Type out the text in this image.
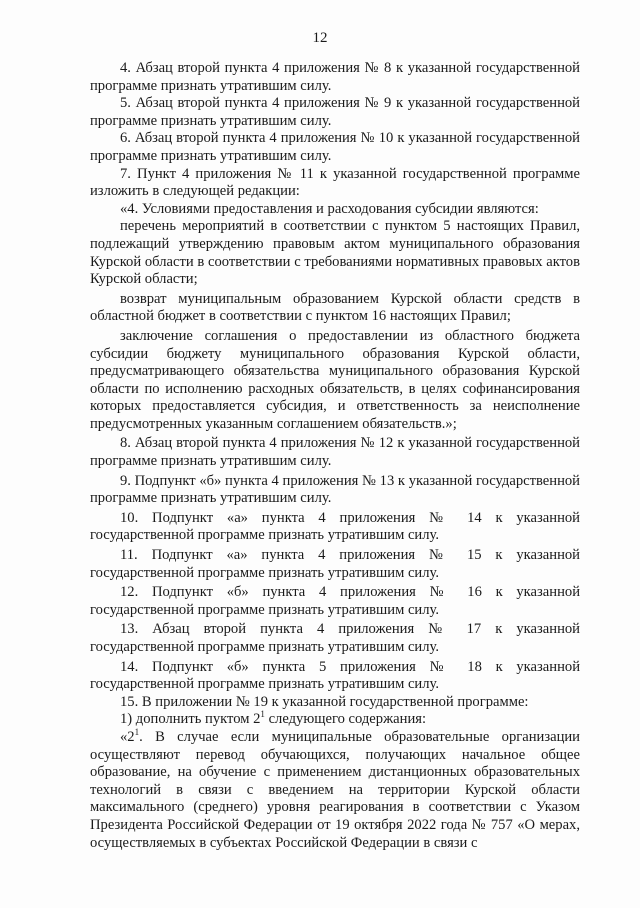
12

4. Абзац второй пункта 4 приложения № 8 к указанной государственной программе признать утратившим силу.

5. Абзац второй пункта 4 приложения № 9 к указанной государственной программе признать утратившим силу.

6. Абзац второй пункта 4 приложения № 10 к указанной государственной программе признать утратившим силу.

7. Пункт 4 приложения № 11 к указанной государственной программе изложить в следующей редакции:

«4. Условиями предоставления и расходования субсидии являются:

перечень мероприятий в соответствии с пунктом 5 настоящих Правил, подлежащий утверждению правовым актом муниципального образования Курской области в соответствии с требованиями нормативных правовых актов Курской области;

возврат муниципальным образованием Курской области средств в областной бюджет в соответствии с пунктом 16 настоящих Правил;

заключение соглашения о предоставлении из областного бюджета субсидии бюджету муниципального образования Курской области, предусматривающего обязательства муниципального образования Курской области по исполнению расходных обязательств, в целях софинансирования которых предоставляется субсидия, и ответственность за неисполнение предусмотренных указанным соглашением обязательств.»;

8. Абзац второй пункта 4 приложения № 12 к указанной государственной программе признать утратившим силу.

9. Подпункт «б» пункта 4 приложения № 13 к указанной государственной программе признать утратившим силу.

10. Подпункт «а» пункта 4 приложения № 14 к указанной государственной программе признать утратившим силу.

11. Подпункт «а» пункта 4 приложения № 15 к указанной государственной программе признать утратившим силу.

12. Подпункт «б» пункта 4 приложения № 16 к указанной государственной программе признать утратившим силу.

13. Абзац второй пункта 4 приложения № 17 к указанной государственной программе признать утратившим силу.

14. Подпункт «б» пункта 5 приложения № 18 к указанной государственной программе признать утратившим силу.

15. В приложении № 19 к указанной государственной программе:

1) дополнить пуктом $2^1$ следующего содержания:

«$2^1$. В случае если муниципальные образовательные организации осуществляют перевод обучающихся, получающих начальное общее образование, на обучение с применением дистанционных образовательных технологий в связи с введением на территории Курской области максимального (среднего) уровня реагирования в соответствии с Указом Президента Российской Федерации от 19 октября 2022 года № 757 «О мерах, осуществляемых в субъектах Российской Федерации в связи с
